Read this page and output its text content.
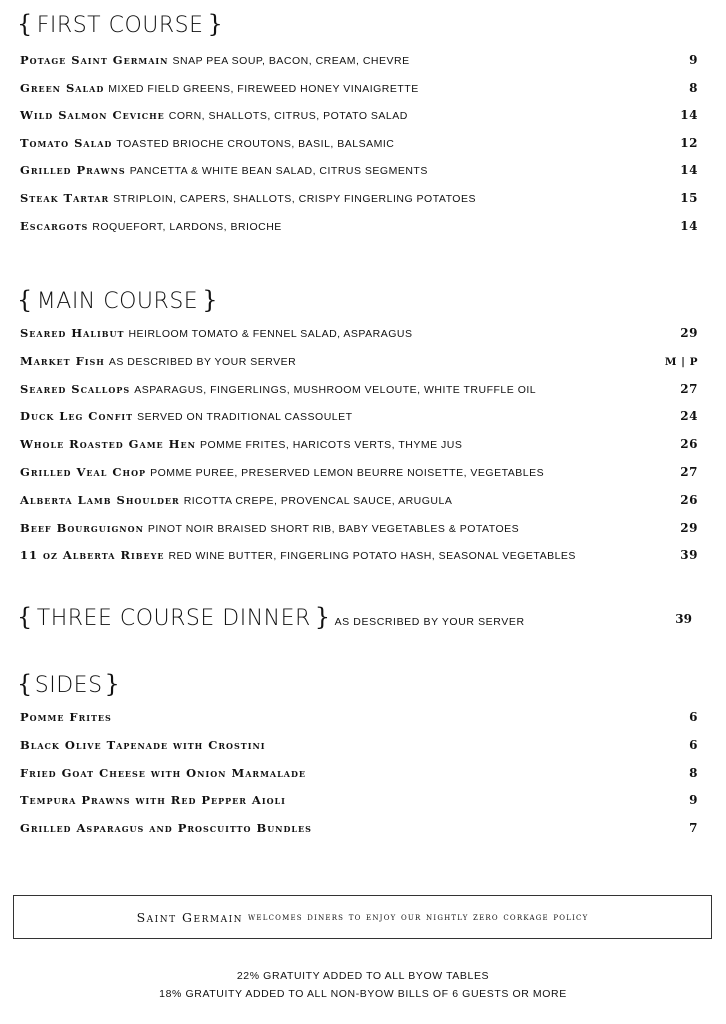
{ FIRST COURSE }
Potage Saint Germain SNAP PEA SOUP, BACON, CREAM, CHEVRE	9
Green Salad MIXED FIELD GREENS, FIREWEED HONEY VINAIGRETTE	8
Wild Salmon Ceviche CORN, SHALLOTS, CITRUS, POTATO SALAD	14
Tomato Salad TOASTED BRIOCHE CROUTONS, BASIL, BALSAMIC	12
Grilled Prawns PANCETTA & WHITE BEAN SALAD, CITRUS SEGMENTS	14
Steak Tartar STRIPLOIN, CAPERS, SHALLOTS, CRISPY FINGERLING POTATOES	15
Escargots ROQUEFORT, LARDONS, BRIOCHE	14
{ MAIN COURSE }
Seared Halibut HEIRLOOM TOMATO & FENNEL SALAD, ASPARAGUS	29
Market Fish AS DESCRIBED BY YOUR SERVER	M | P
Seared Scallops ASPARAGUS, FINGERLINGS, MUSHROOM VELOUTE, WHITE TRUFFLE OIL	27
Duck Leg Confit SERVED ON TRADITIONAL CASSOULET	24
Whole Roasted Game Hen POMME FRITES, HARICOTS VERTS, THYME JUS	26
Grilled Veal Chop POMME PUREE, PRESERVED LEMON BEURRE NOISETTE, VEGETABLES	27
Alberta Lamb Shoulder RICOTTA CREPE, PROVENCAL SAUCE, ARUGULA	26
Beef Bourguignon PINOT NOIR BRAISED SHORT RIB, BABY VEGETABLES & POTATOES	29
11 oz Alberta Ribeye RED WINE BUTTER, FINGERLING POTATO HASH, SEASONAL VEGETABLES	39
{ THREE COURSE DINNER } AS DESCRIBED BY YOUR SERVER	39
{SIDES}
Pomme Frites	6
Black Olive Tapenade with Crostini	6
Fried Goat Cheese with Onion Marmalade	8
Tempura Prawns with Red Pepper Aioli	9
Grilled Asparagus and Proscuitto Bundles	7
Saint Germain welcomes diners to enjoy our nightly zero corkage policy
22% GRATUITY ADDED TO ALL BYOW TABLES
18% GRATUITY ADDED TO ALL NON-BYOW BILLS OF 6 GUESTS OR MORE
